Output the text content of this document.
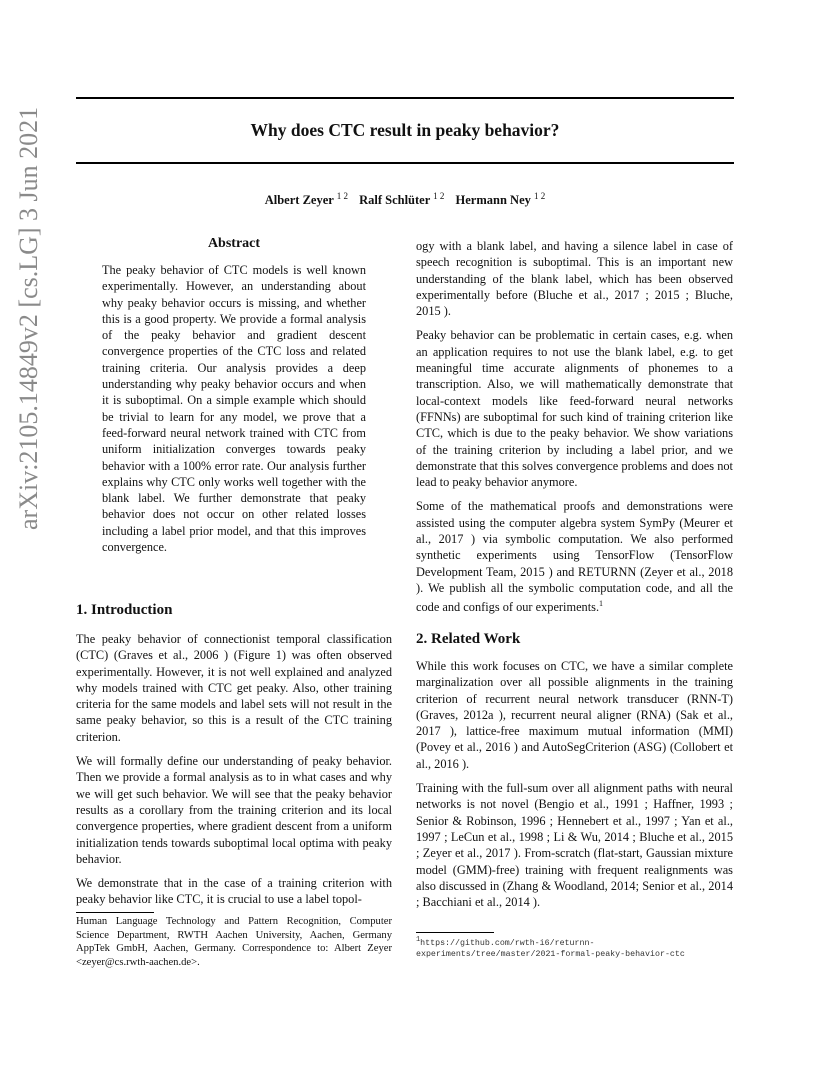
Why does CTC result in peaky behavior?
Albert Zeyer $^{1 2}$ Ralf Schlüter $^{1 2}$ Hermann Ney $^{1 2}$
arXiv:2105.14849v2 [cs.LG] 3 Jun 2021	Abstract

The peaky behavior of CTC models is well known experimentally. However, an understanding about why peaky behavior occurs is missing, and whether this is a good property. We provide a formal analysis of the peaky behavior and gradient descent convergence properties of the CTC loss and related training criteria. Our analysis provides a deep understanding why peaky behavior occurs and when it is suboptimal. On a simple example which should be trivial to learn for any model, we prove that a feed-forward neural network trained with CTC from uniform initialization converges towards peaky behavior with a 100% error rate. Our analysis further explains why CTC only works well together with the blank label. We further demonstrate that peaky behavior does not occur on other related losses including a label prior model, and that this improves convergence.

1. Introduction

The peaky behavior of connectionist temporal classification (CTC) (Graves et al., 2006 ) (Figure 1) was often observed experimentally. However, it is not well explained and analyzed why models trained with CTC get peaky. Also, other training criteria for the same models and label sets will not result in the same peaky behavior, so this is a result of the CTC training criterion.

We will formally define our understanding of peaky behavior. Then we provide a formal analysis as to in what cases and why we will get such behavior. We will see that the peaky behavior results as a corollary from the training criterion and its local convergence properties, where gradient descent from a uniform initialization tends towards suboptimal local optima with peaky behavior.

We demonstrate that in the case of a training criterion with peaky behavior like CTC, it is crucial to use a label topol-

ogy with a blank label, and having a silence label in case of speech recognition is suboptimal. This is an important new understanding of the blank label, which has been observed experimentally before (Bluche et al., 2017 ; 2015 ; Bluche, 2015 ).

Peaky behavior can be problematic in certain cases, e.g. when an application requires to not use the blank label, e.g. to get meaningful time accurate alignments of phonemes to a transcription. Also, we will mathematically demonstrate that local-context models like feed-forward neural networks (FFNNs) are suboptimal for such kind of training criterion like CTC, which is due to the peaky behavior. We show variations of the training criterion by including a label prior, and we demonstrate that this solves convergence problems and does not lead to peaky behavior anymore.

Some of the mathematical proofs and demonstrations were assisted using the computer algebra system SymPy (Meurer et al., 2017 ) via symbolic computation. We also performed synthetic experiments using TensorFlow (TensorFlow Development Team, 2015 ) and RETURNN (Zeyer et al., 2018 ). We publish all the symbolic computation code, and all the code and configs of our experiments.$^1$

2. Related Work

While this work focuses on CTC, we have a similar complete marginalization over all possible alignments in the training criterion of recurrent neural network transducer (RNN-T) (Graves, 2012a ), recurrent neural aligner (RNA) (Sak et al., 2017 ), lattice-free maximum mutual information (MMI) (Povey et al., 2016 ) and AutoSegCriterion (ASG) (Collobert et al., 2016 ).

Training with the full-sum over all alignment paths with neural networks is not novel (Bengio et al., 1991 ; Haffner, 1993 ; Senior & Robinson, 1996 ; Hennebert et al., 1997 ; Yan et al., 1997 ; LeCun et al., 1998 ; Li & Wu, 2014 ; Bluche et al., 2015 ; Zeyer et al., 2017 ). From-scratch (flat-start, Gaussian mixture model (GMM)-free) training with frequent realignments was also discussed in (Zhang & Woodland, 2014; Senior et al., 2014 ; Bacchiani et al., 2014 ).

Human Language Technology and Pattern Recognition, Computer Science Department, RWTH Aachen University, Aachen, Germany AppTek GmbH, Aachen, Germany. Correspondence to: Albert Zeyer <zeyer@cs.rwth-aachen.de>.
$^1$https://github.com/rwth-i6/returnn-experiments/tree/master/2021-formal-peaky-behavior-ctc
